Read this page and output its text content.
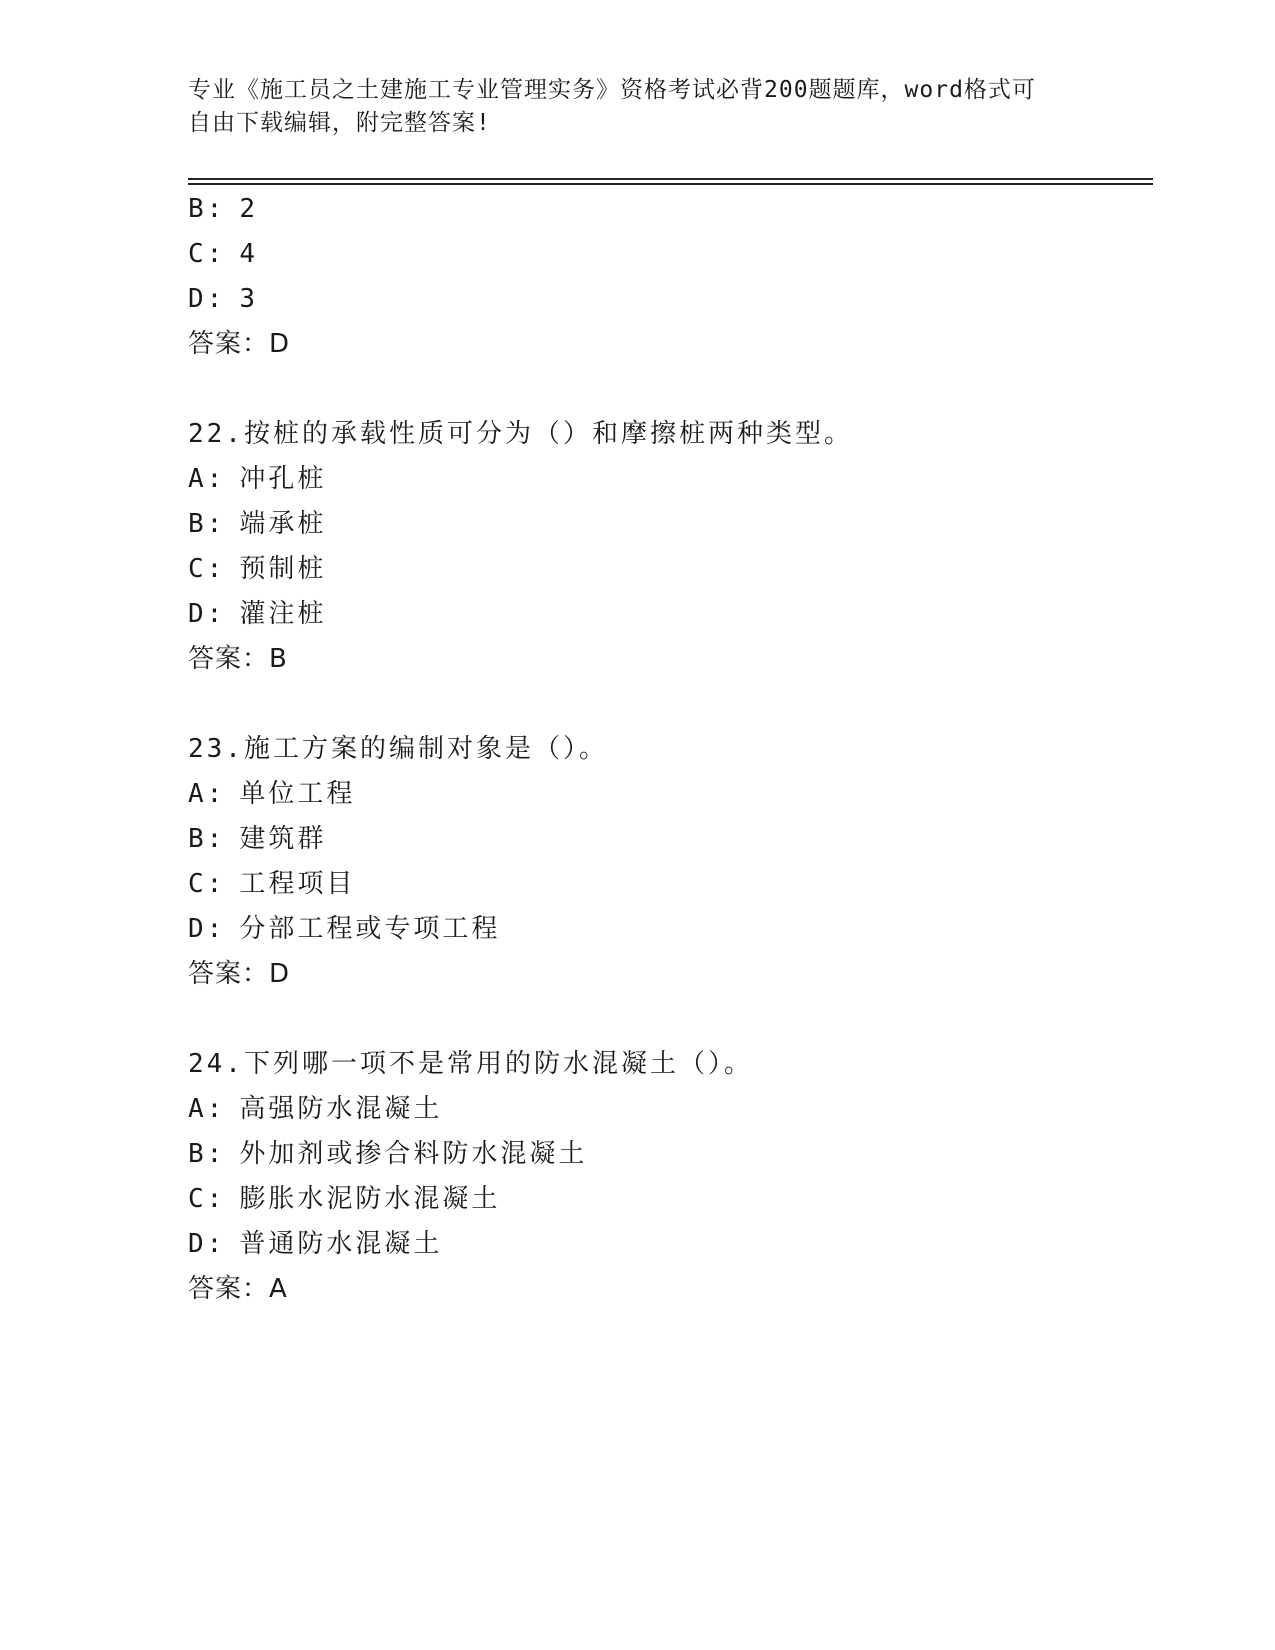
专业《施工员之土建施工专业管理实务》资格考试必背200题题库，word格式可
自由下载编辑，附完整答案!
B: 2
C: 4
D: 3
答案：D
22.按桩的承载性质可分为（）和摩擦桩两种类型。
A: 冲孔桩
B: 端承桩
C: 预制桩
D: 灌注桩
答案：B
23.施工方案的编制对象是（）。
A: 单位工程
B: 建筑群
C: 工程项目
D: 分部工程或专项工程
答案：D
24.下列哪一项不是常用的防水混凝土（）。
A: 高强防水混凝土
B: 外加剂或掺合料防水混凝土
C: 膨胀水泥防水混凝土
D: 普通防水混凝土
答案：A
